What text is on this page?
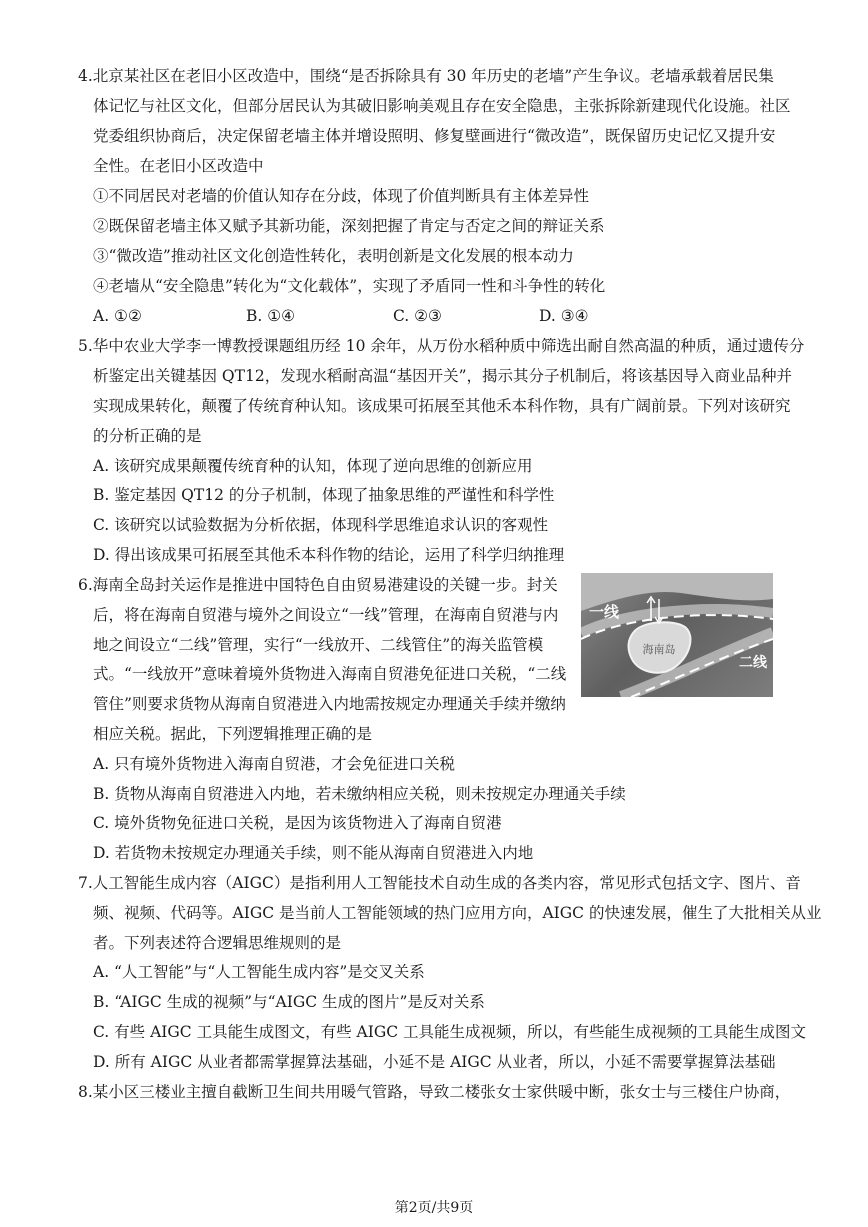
4.北京某社区在老旧小区改造中，围绕“是否拆除具有 30 年历史的老墙”产生争议。老墙承载着居民集
体记忆与社区文化，但部分居民认为其破旧影响美观且存在安全隐患，主张拆除新建现代化设施。社区
党委组织协商后，决定保留老墙主体并增设照明、修复壁画进行“微改造”，既保留历史记忆又提升安
全性。在老旧小区改造中
①不同居民对老墙的价值认知存在分歧，体现了价值判断具有主体差异性
②既保留老墙主体又赋予其新功能，深刻把握了肯定与否定之间的辩证关系
③“微改造”推动社区文化创造性转化，表明创新是文化发展的根本动力
④老墙从“安全隐患”转化为“文化载体”，实现了矛盾同一性和斗争性的转化
A. ①②	B. ①④	C. ②③	D. ③④
5.华中农业大学李一博教授课题组历经 10 余年，从万份水稻种质中筛选出耐自然高温的种质，通过遗传分
析鉴定出关键基因 QT12，发现水稻耐高温“基因开关”，揭示其分子机制后，将该基因导入商业品种并
实现成果转化，颠覆了传统育种认知。该成果可拓展至其他禾本科作物，具有广阔前景。下列对该研究
的分析正确的是
A. 该研究成果颠覆传统育种的认知，体现了逆向思维的创新应用
B. 鉴定基因 QT12 的分子机制，体现了抽象思维的严谨性和科学性
C. 该研究以试验数据为分析依据，体现科学思维追求认识的客观性
D. 得出该成果可拓展至其他禾本科作物的结论，运用了科学归纳推理
6.海南全岛封关运作是推进中国特色自由贸易港建设的关键一步。封关
后，将在海南自贸港与境外之间设立“一线”管理，在海南自贸港与内
地之间设立“二线”管理，实行“一线放开、二线管住”的海关监管模
式。“一线放开”意味着境外货物进入海南自贸港免征进口关税，“二线
管住”则要求货物从海南自贸港进入内地需按规定办理通关手续并缴纳
相应关税。据此，下列逻辑推理正确的是
海南岛
一线
二线
A. 只有境外货物进入海南自贸港，才会免征进口关税
B. 货物从海南自贸港进入内地，若未缴纳相应关税，则未按规定办理通关手续
C. 境外货物免征进口关税，是因为该货物进入了海南自贸港
D. 若货物未按规定办理通关手续，则不能从海南自贸港进入内地
7.人工智能生成内容（AIGC）是指利用人工智能技术自动生成的各类内容，常见形式包括文字、图片、音
频、视频、代码等。AIGC 是当前人工智能领域的热门应用方向，AIGC 的快速发展，催生了大批相关从业
者。下列表述符合逻辑思维规则的是
A. “人工智能”与“人工智能生成内容”是交叉关系
B. “AIGC 生成的视频”与“AIGC 生成的图片”是反对关系
C. 有些 AIGC 工具能生成图文，有些 AIGC 工具能生成视频，所以，有些能生成视频的工具能生成图文
D. 所有 AIGC 从业者都需掌握算法基础，小延不是 AIGC 从业者，所以，小延不需要掌握算法基础
8.某小区三楼业主擅自截断卫生间共用暖气管路，导致二楼张女士家供暖中断，张女士与三楼住户协商，
第2页/共9页
